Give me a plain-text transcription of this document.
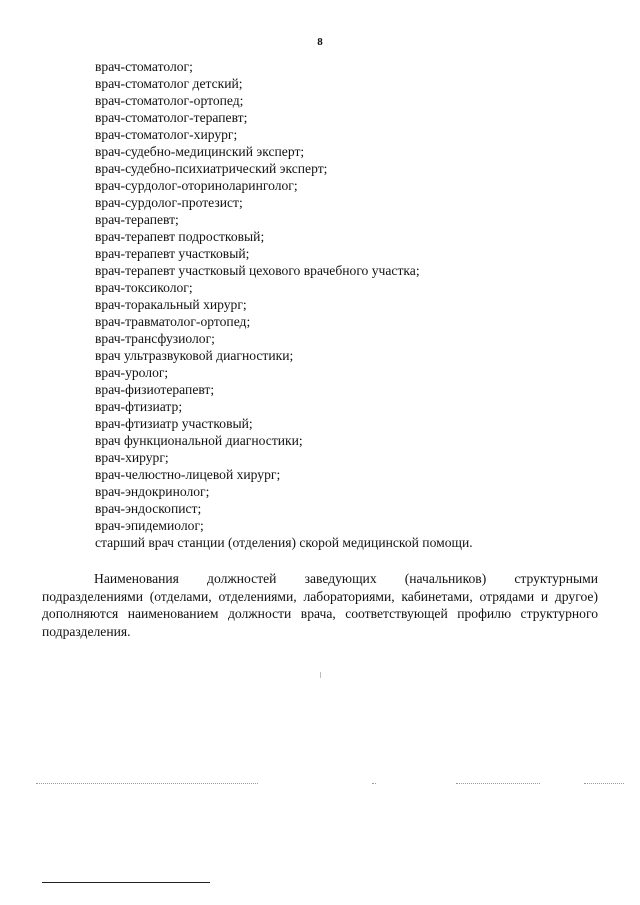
8
врач-стоматолог;
врач-стоматолог детский;
врач-стоматолог-ортопед;
врач-стоматолог-терапевт;
врач-стоматолог-хирург;
врач-судебно-медицинский эксперт;
врач-судебно-психиатрический эксперт;
врач-сурдолог-оториноларинголог;
врач-сурдолог-протезист;
врач-терапевт;
врач-терапевт подростковый;
врач-терапевт участковый;
врач-терапевт участковый цехового врачебного участка;
врач-токсиколог;
врач-торакальный хирург;
врач-травматолог-ортопед;
врач-трансфузиолог;
врач ультразвуковой диагностики;
врач-уролог;
врач-физиотерапевт;
врач-фтизиатр;
врач-фтизиатр участковый;
врач функциональной диагностики;
врач-хирург;
врач-челюстно-лицевой хирург;
врач-эндокринолог;
врач-эндоскопист;
врач-эпидемиолог;
старший врач станции (отделения) скорой медицинской помощи.

Наименования должностей заведующих (начальников) структурными подразделениями (отделами, отделениями, лабораториями, кабинетами, отрядами и другое) дополняются наименованием должности врача, соответствующей профилю структурного подразделения.
